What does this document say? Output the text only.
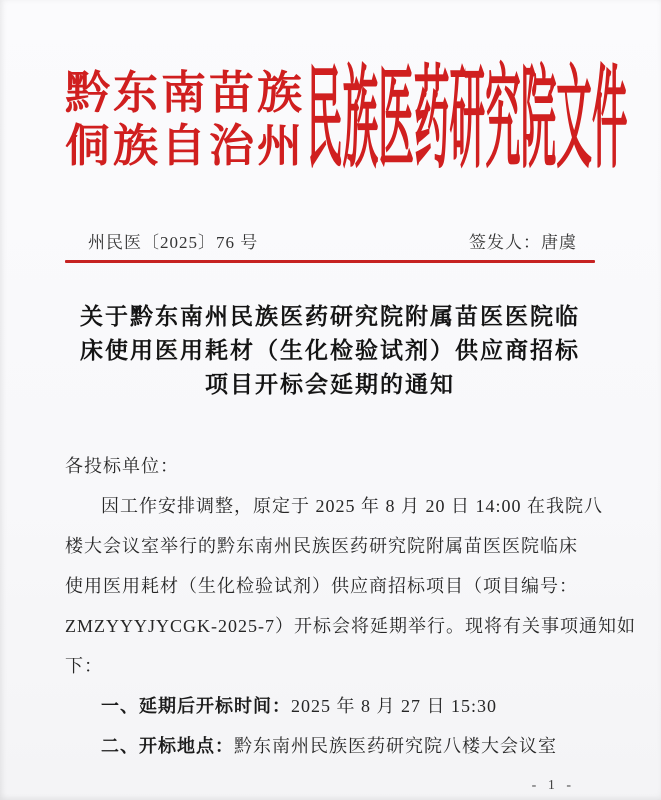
黔东南苗族
侗族自治州 民族医药研究院文件
州民医〔2025〕76 号	签发人：唐虞
关于黔东南州民族医药研究院附属苗医医院临
床使用医用耗材（生化检验试剂）供应商招标
项目开标会延期的通知
各投标单位：
因工作安排调整，原定于 2025 年 8 月 20 日 14:00 在我院八
楼大会议室举行的黔东南州民族医药研究院附属苗医医院临床
使用医用耗材（生化检验试剂）供应商招标项目（项目编号：
ZMZYYYJYCGK-2025-7）开标会将延期举行。现将有关事项通知如
下：
一、延期后开标时间：2025 年 8 月 27 日 15:30
二、开标地点：黔东南州民族医药研究院八楼大会议室
- 1 -
